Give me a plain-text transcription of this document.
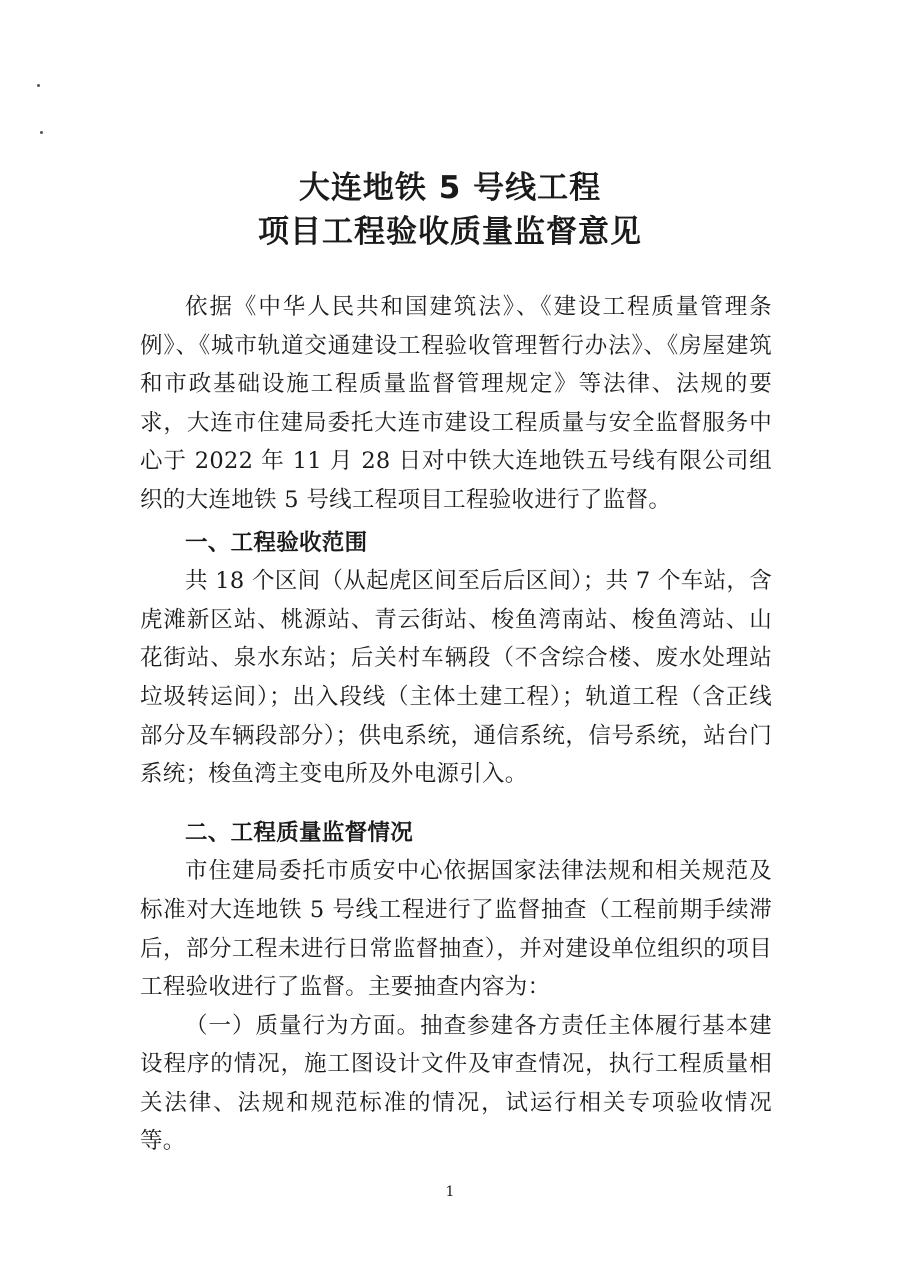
大连地铁 5 号线工程
项目工程验收质量监督意见

依据《中华人民共和国建筑法》、《建设工程质量管理条例》、《城市轨道交通建设工程验收管理暂行办法》、《房屋建筑和市政基础设施工程质量监督管理规定》等法律、法规的要求，大连市住建局委托大连市建设工程质量与安全监督服务中心于 2022 年 11 月 28 日对中铁大连地铁五号线有限公司组织的大连地铁 5 号线工程项目工程验收进行了监督。

一、工程验收范围

共 18 个区间（从起虎区间至后后区间）；共 7 个车站，含虎滩新区站、桃源站、青云街站、梭鱼湾南站、梭鱼湾站、山花街站、泉水东站；后关村车辆段（不含综合楼、废水处理站垃圾转运间）；出入段线（主体土建工程）；轨道工程（含正线部分及车辆段部分）；供电系统，通信系统，信号系统，站台门系统；梭鱼湾主变电所及外电源引入。

二、工程质量监督情况

市住建局委托市质安中心依据国家法律法规和相关规范及标准对大连地铁 5 号线工程进行了监督抽查（工程前期手续滞后，部分工程未进行日常监督抽查），并对建设单位组织的项目工程验收进行了监督。主要抽查内容为：

（一）质量行为方面。抽查参建各方责任主体履行基本建设程序的情况，施工图设计文件及审查情况，执行工程质量相关法律、法规和规范标准的情况，试运行相关专项验收情况等。

1
